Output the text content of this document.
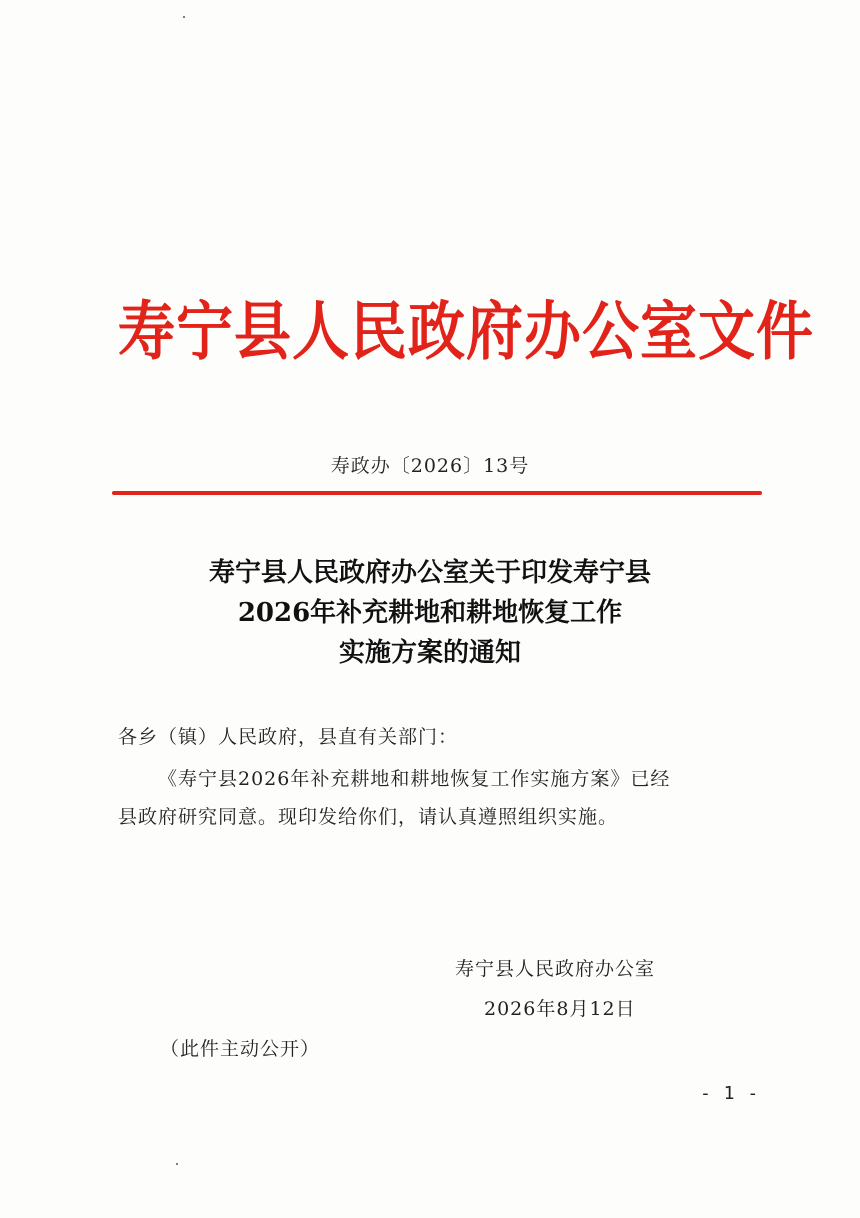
寿宁县人民政府办公室文件
寿政办〔2026〕13号
寿宁县人民政府办公室关于印发寿宁县
2026年补充耕地和耕地恢复工作
实施方案的通知
各乡（镇）人民政府，县直有关部门：
《寿宁县2026年补充耕地和耕地恢复工作实施方案》已经
县政府研究同意。现印发给你们，请认真遵照组织实施。
寿宁县人民政府办公室
2026年8月12日
（此件主动公开）
- 1 -
